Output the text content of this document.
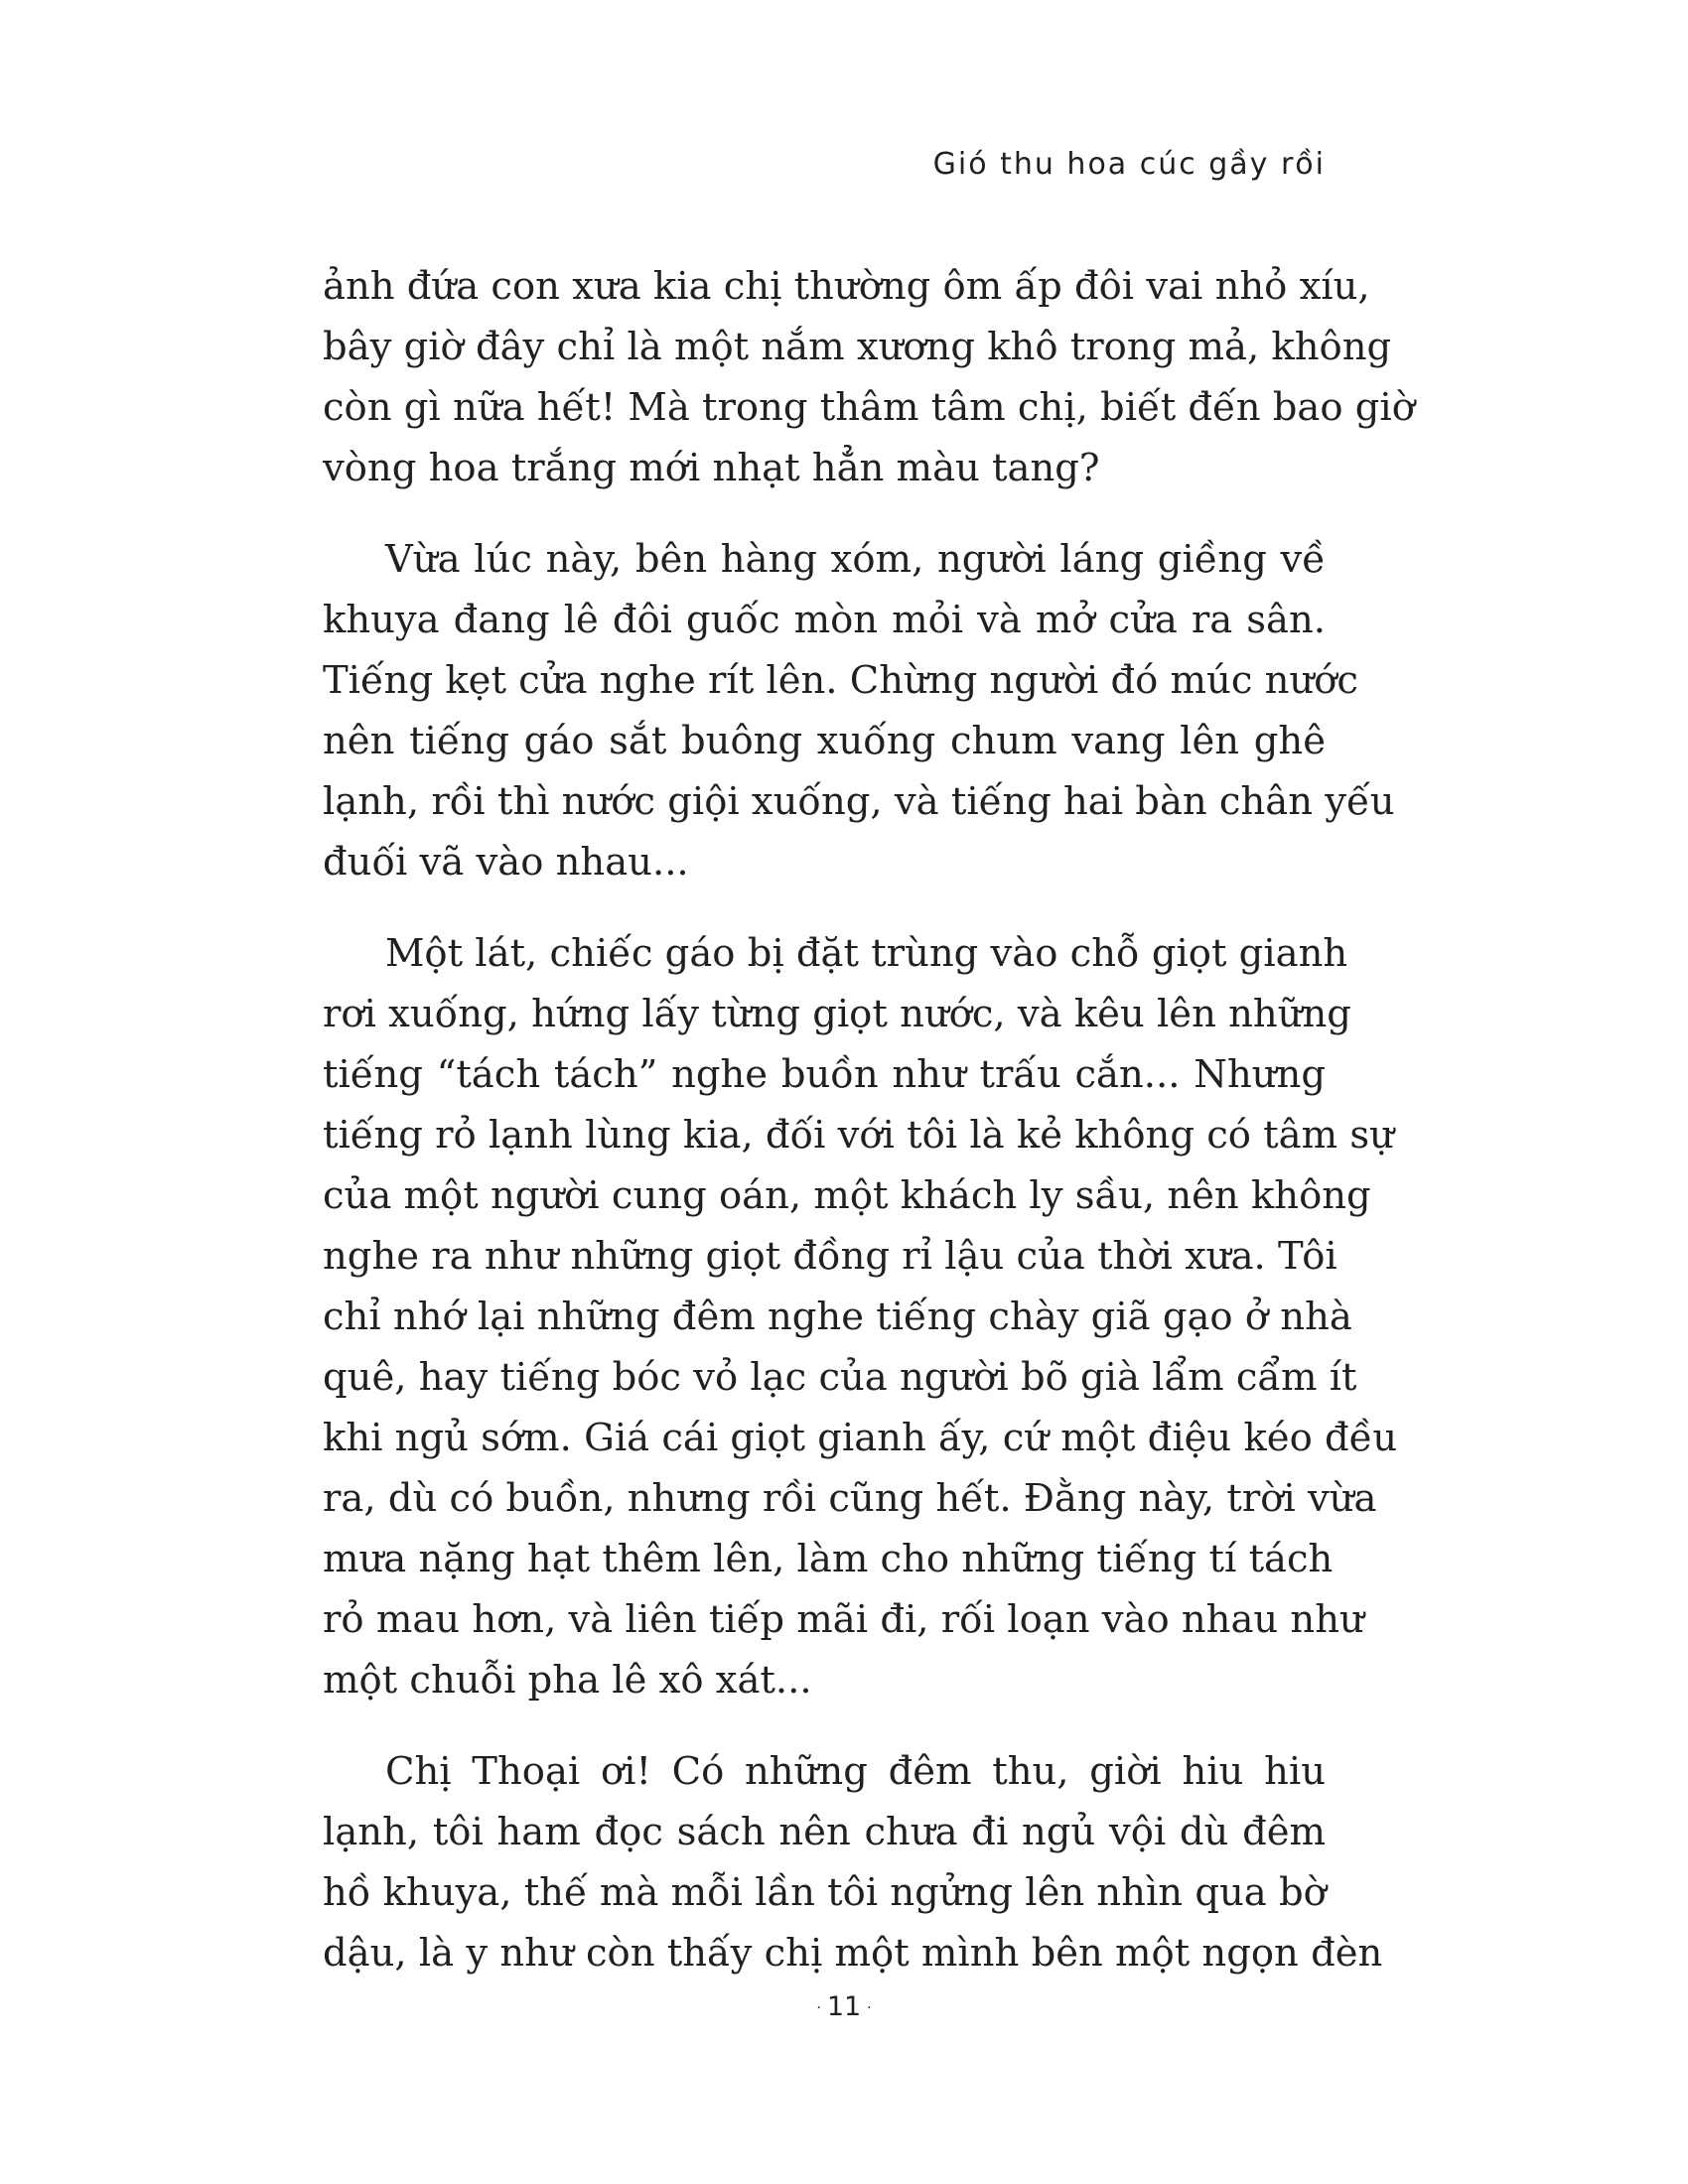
Gió thu hoa cúc gầy rồi
ảnh đứa con xưa kia chị thường ôm ấp đôi vai nhỏ xíu,
bây giờ đây chỉ là một nắm xương khô trong mả, không
còn gì nữa hết! Mà trong thâm tâm chị, biết đến bao giờ
vòng hoa trắng mới nhạt hẳn màu tang?
Vừa lúc này, bên hàng xóm, người láng giềng về
khuya đang lê đôi guốc mòn mỏi và mở cửa ra sân.
Tiếng kẹt cửa nghe rít lên. Chừng người đó múc nước
nên tiếng gáo sắt buông xuống chum vang lên ghê
lạnh, rồi thì nước giội xuống, và tiếng hai bàn chân yếu
đuối vã vào nhau...
Một lát, chiếc gáo bị đặt trùng vào chỗ giọt gianh
rơi xuống, hứng lấy từng giọt nước, và kêu lên những
tiếng “tách tách” nghe buồn như trấu cắn... Nhưng
tiếng rỏ lạnh lùng kia, đối với tôi là kẻ không có tâm sự
của một người cung oán, một khách ly sầu, nên không
nghe ra như những giọt đồng rỉ lậu của thời xưa. Tôi
chỉ nhớ lại những đêm nghe tiếng chày giã gạo ở nhà
quê, hay tiếng bóc vỏ lạc của người bõ già lẩm cẩm ít
khi ngủ sớm. Giá cái giọt gianh ấy, cứ một điệu kéo đều
ra, dù có buồn, nhưng rồi cũng hết. Đằng này, trời vừa
mưa nặng hạt thêm lên, làm cho những tiếng tí tách
rỏ mau hơn, và liên tiếp mãi đi, rối loạn vào nhau như
một chuỗi pha lê xô xát...
Chị Thoại ơi! Có những đêm thu, giời hiu hiu
lạnh, tôi ham đọc sách nên chưa đi ngủ vội dù đêm
hồ khuya, thế mà mỗi lần tôi ngửng lên nhìn qua bờ
dậu, là y như còn thấy chị một mình bên một ngọn đèn
· 11 ·
